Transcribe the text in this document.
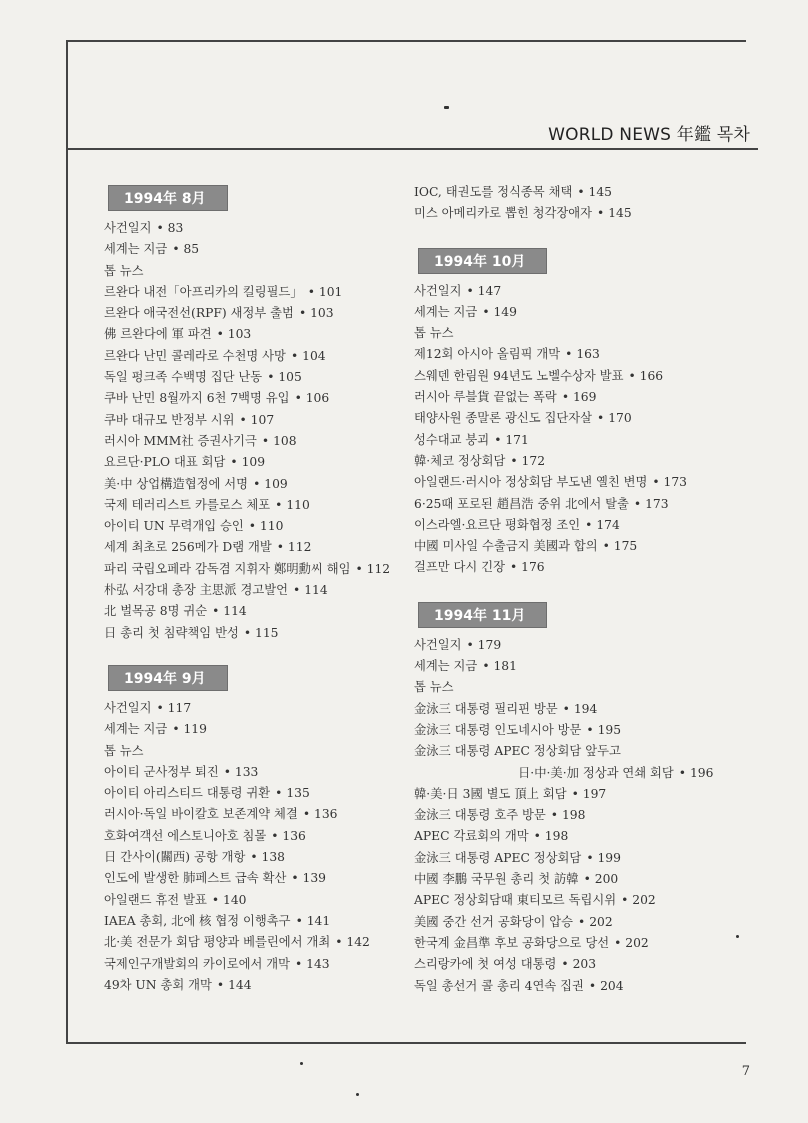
WORLD NEWS 年鑑 목차
1994年 8月
사건일지 • 83
세계는 지금 • 85
톱 뉴스
르완다 내전「아프리카의 킬링필드」 • 101
르완다 애국전선(RPF) 새정부 출범 • 103
佛 르완다에 軍 파견 • 103
르완다 난민 콜레라로 수천명 사망 • 104
독일 펑크족 수백명 집단 난동 • 105
쿠바 난민 8월까지 6천 7백명 유입 • 106
쿠바 대규모 반정부 시위 • 107
러시아 MMM社 증권사기극 • 108
요르단·PLO 대표 회담 • 109
美·中 상업構造협정에 서명 • 109
국제 테러리스트 카를로스 체포 • 110
아이티 UN 무력개입 승인 • 110
세계 최초로 256메가 D램 개발 • 112
파리 국립오페라 감독겸 지휘자 鄭明勳씨 해임 • 112
朴弘 서강대 총장 主思派 경고발언 • 114
北 벌목공 8명 귀순 • 114
日 총리 첫 침략책임 반성 • 115
1994年 9月
사건일지 • 117
세계는 지금 • 119
톱 뉴스
아이티 군사정부 퇴진 • 133
아이티 아리스티드 대통령 귀환 • 135
러시아·독일 바이칼호 보존계약 체결 • 136
호화여객선 에스토니아호 침몰 • 136
日 간사이(關西) 공항 개항 • 138
인도에 발생한 肺페스트 급속 확산 • 139
아일랜드 휴전 발표 • 140
IAEA 총회, 北에 核 협정 이행촉구 • 141
北·美 전문가 회담 평양과 베를린에서 개최 • 142
국제인구개발회의 카이로에서 개막 • 143
49차 UN 총회 개막 • 144
IOC, 태권도를 정식종목 채택 • 145
미스 아메리카로 뽑힌 청각장애자 • 145
1994年 10月
사건일지 • 147
세계는 지금 • 149
톱 뉴스
제12회 아시아 올림픽 개막 • 163
스웨덴 한림원 94년도 노벨수상자 발표 • 166
러시아 루블貨 끝없는 폭락 • 169
태양사원 종말론 광신도 집단자살 • 170
성수대교 붕괴 • 171
韓·체코 정상회담 • 172
아일랜드·러시아 정상회담 부도낸 옐친 변명 • 173
6·25때 포로된 趙昌浩 중위 北에서 탈출 • 173
이스라엘·요르단 평화협정 조인 • 174
中國 미사일 수출금지 美國과 합의 • 175
걸프만 다시 긴장 • 176
1994年 11月
사건일지 • 179
세계는 지금 • 181
톱 뉴스
金泳三 대통령 필리핀 방문 • 194
金泳三 대통령 인도네시아 방문 • 195
金泳三 대통령 APEC 정상회담 앞두고
日·中·美·加 정상과 연쇄 회담 • 196
韓·美·日 3國 별도 頂上 회담 • 197
金泳三 대통령 호주 방문 • 198
APEC 각료회의 개막 • 198
金泳三 대통령 APEC 정상회담 • 199
中國 李鵬 국무원 총리 첫 訪韓 • 200
APEC 정상회담때 東티모르 독립시위 • 202
美國 중간 선거 공화당이 압승 • 202
한국계 金昌準 후보 공화당으로 당선 • 202
스리랑카에 첫 여성 대통령 • 203
독일 총선거 콜 총리 4연속 집권 • 204
7
